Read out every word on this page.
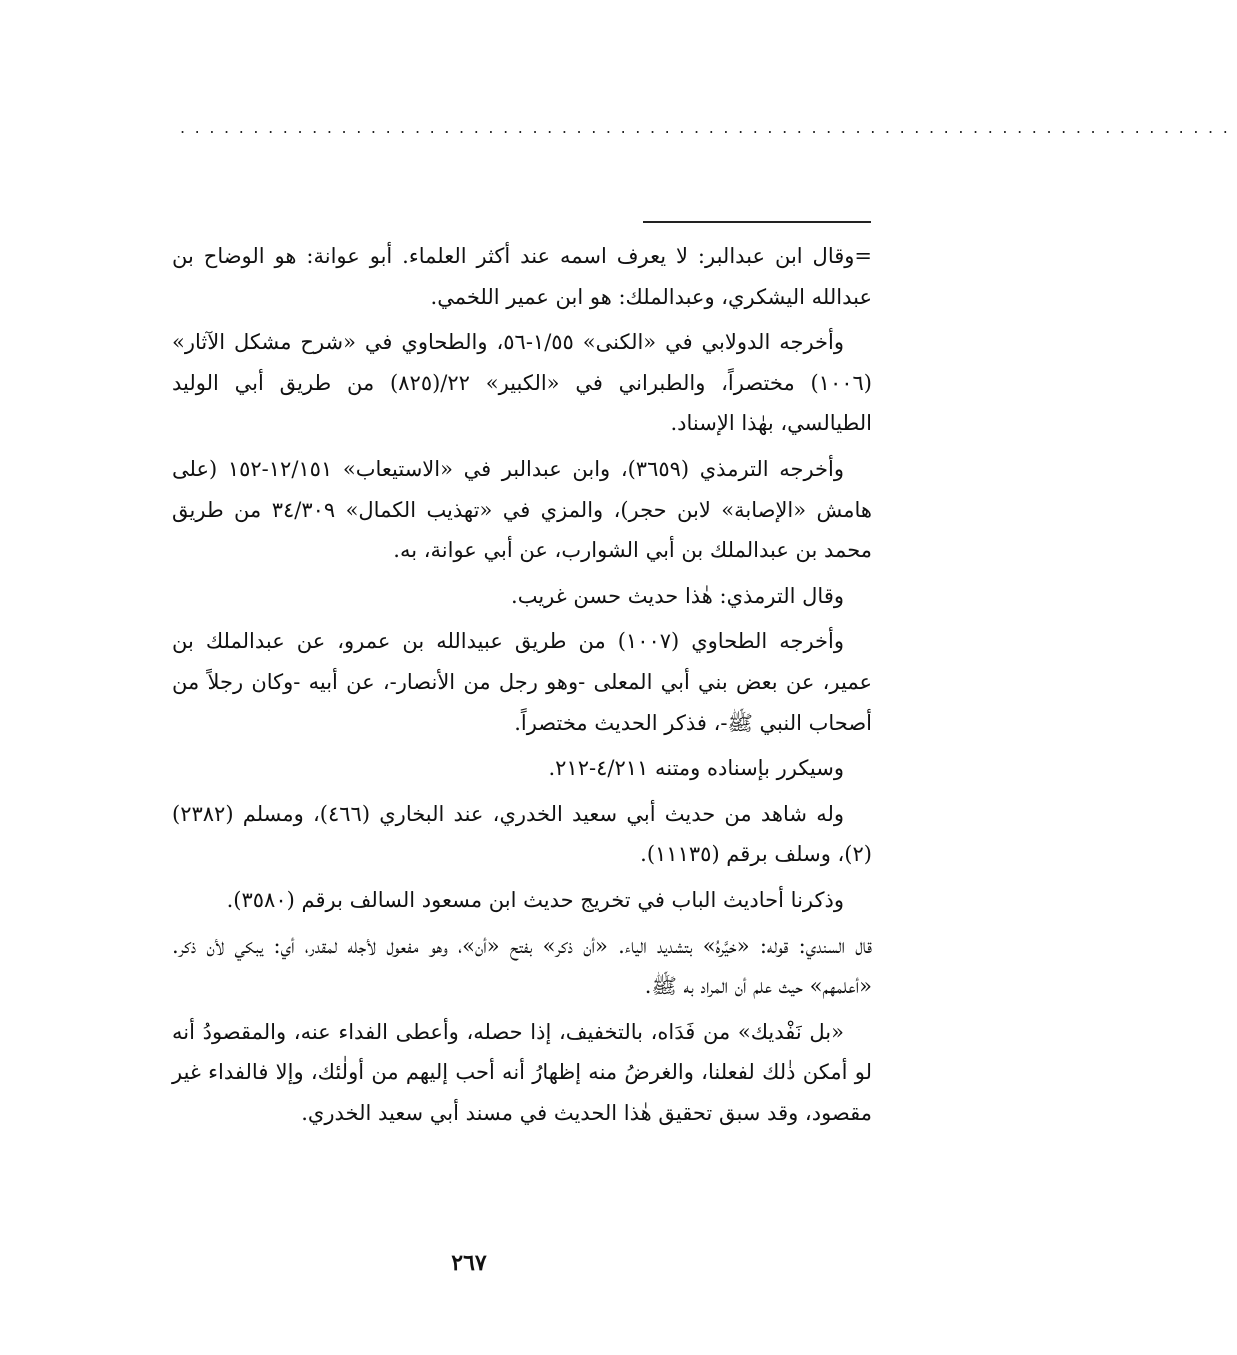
........................................................................

=وقال ابن عبدالبر: لا يعرف اسمه عند أكثر العلماء. أبو عوانة: هو الوضاح بن عبدالله اليشكري، وعبدالملك: هو ابن عمير اللخمي.

وأخرجه الدولابي في «الكنى» ١/٥٥-٥٦، والطحاوي في «شرح مشكل الآثار» (١٠٠٦) مختصراً، والطبراني في «الكبير» ٢٢/(٨٢٥) من طريق أبي الوليد الطيالسي، بهٰذا الإسناد.

وأخرجه الترمذي (٣٦٥٩)، وابن عبدالبر في «الاستيعاب» ١٢/١٥١-١٥٢ (على هامش «الإصابة» لابن حجر)، والمزي في «تهذيب الكمال» ٣٤/٣٠٩ من طريق محمد بن عبدالملك بن أبي الشوارب، عن أبي عوانة، به.

وقال الترمذي: هٰذا حديث حسن غريب.

وأخرجه الطحاوي (١٠٠٧) من طريق عبيدالله بن عمرو، عن عبدالملك بن عمير، عن بعض بني أبي المعلى -وهو رجل من الأنصار-، عن أبيه -وكان رجلاً من أصحاب النبي ﷺ-، فذكر الحديث مختصراً.

وسيكرر بإسناده ومتنه ٤/٢١١-٢١٢.

وله شاهد من حديث أبي سعيد الخدري، عند البخاري (٤٦٦)، ومسلم (٢٣٨٢) (٢)، وسلف برقم (١١١٣٥).

وذكرنا أحاديث الباب في تخريج حديث ابن مسعود السالف برقم (٣٥٨٠).

قال السندي: قوله: «خيَّرهُ» بتشديد الياء. «أن ذكر» بفتح «أن»، وهو مفعول لأجله لمقدر، أي: يبكي لأن ذكر. «أعلمهم» حيث علم أن المراد به ﷺ.

«بل نَفْديك» من فَدَاه، بالتخفيف، إذا حصله، وأعطى الفداء عنه، والمقصودُ أنه لو أمكن ذٰلك لفعلنا، والغرضُ منه إظهارُ أنه أحب إليهم من أولٰئك، وإلا فالفداء غير مقصود، وقد سبق تحقيق هٰذا الحديث في مسند أبي سعيد الخدري.

٢٦٧
